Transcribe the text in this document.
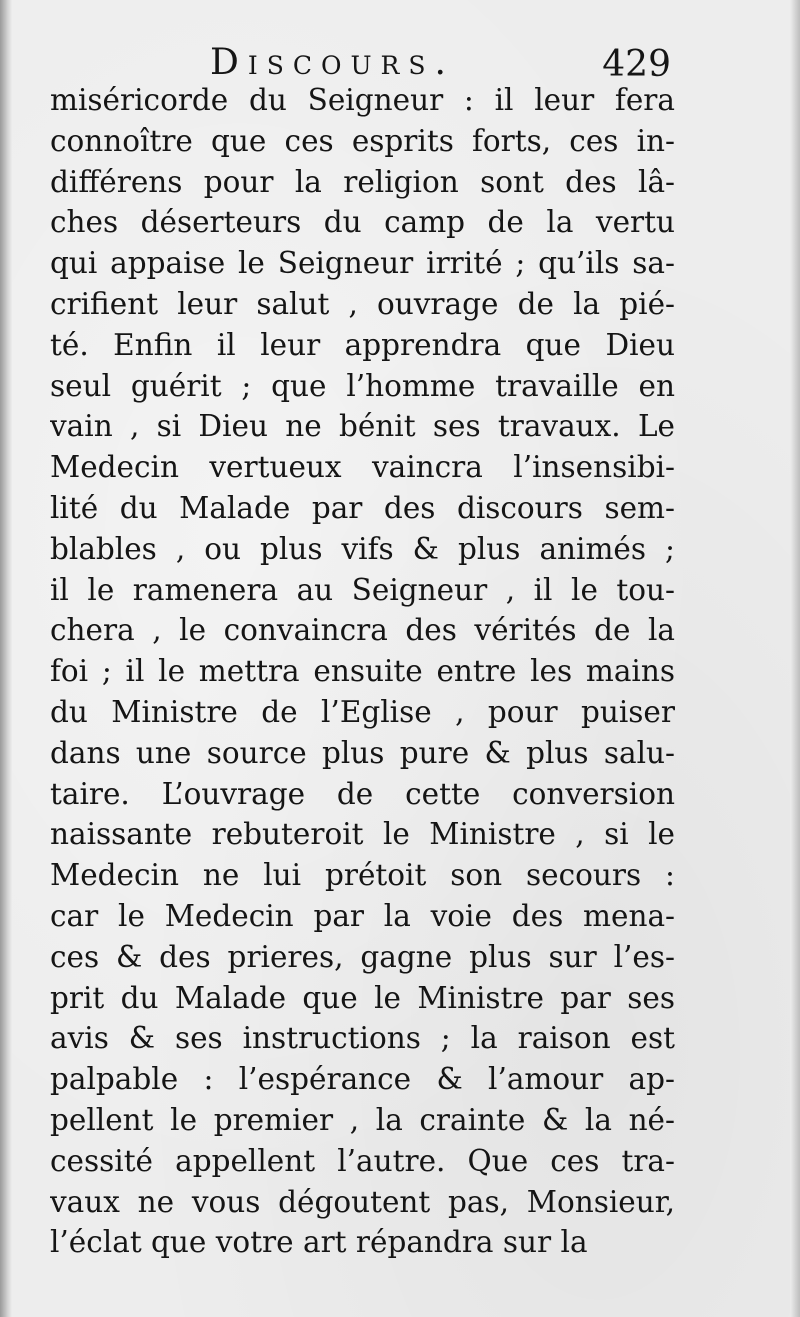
Discours.	429
miséricorde du Seigneur : il leur fera
connoître que ces esprits forts, ces in-
différens pour la religion sont des lâ-
ches déserteurs du camp de la vertu
qui appaise le Seigneur irrité ; qu’ils sa-
crifient leur salut , ouvrage de la pié-
té. Enfin il leur apprendra que Dieu
seul guérit ; que l’homme travaille en
vain , si Dieu ne bénit ses travaux. Le
Medecin vertueux vaincra l’insensibi-
lité du Malade par des discours sem-
blables , ou plus vifs & plus animés ;
il le ramenera au Seigneur , il le tou-
chera , le convaincra des vérités de la
foi ; il le mettra ensuite entre les mains
du Ministre de l’Eglise , pour puiser
dans une source plus pure & plus salu-
taire. L’ouvrage de cette conversion
naissante rebuteroit le Ministre , si le
Medecin ne lui prétoit son secours :
car le Medecin par la voie des mena-
ces & des prieres, gagne plus sur l’es-
prit du Malade que le Ministre par ses
avis & ses instructions ; la raison est
palpable : l’espérance & l’amour ap-
pellent le premier , la crainte & la né-
cessité appellent l’autre. Que ces tra-
vaux ne vous dégoutent pas, Monsieur,
l’éclat que votre art répandra sur la
